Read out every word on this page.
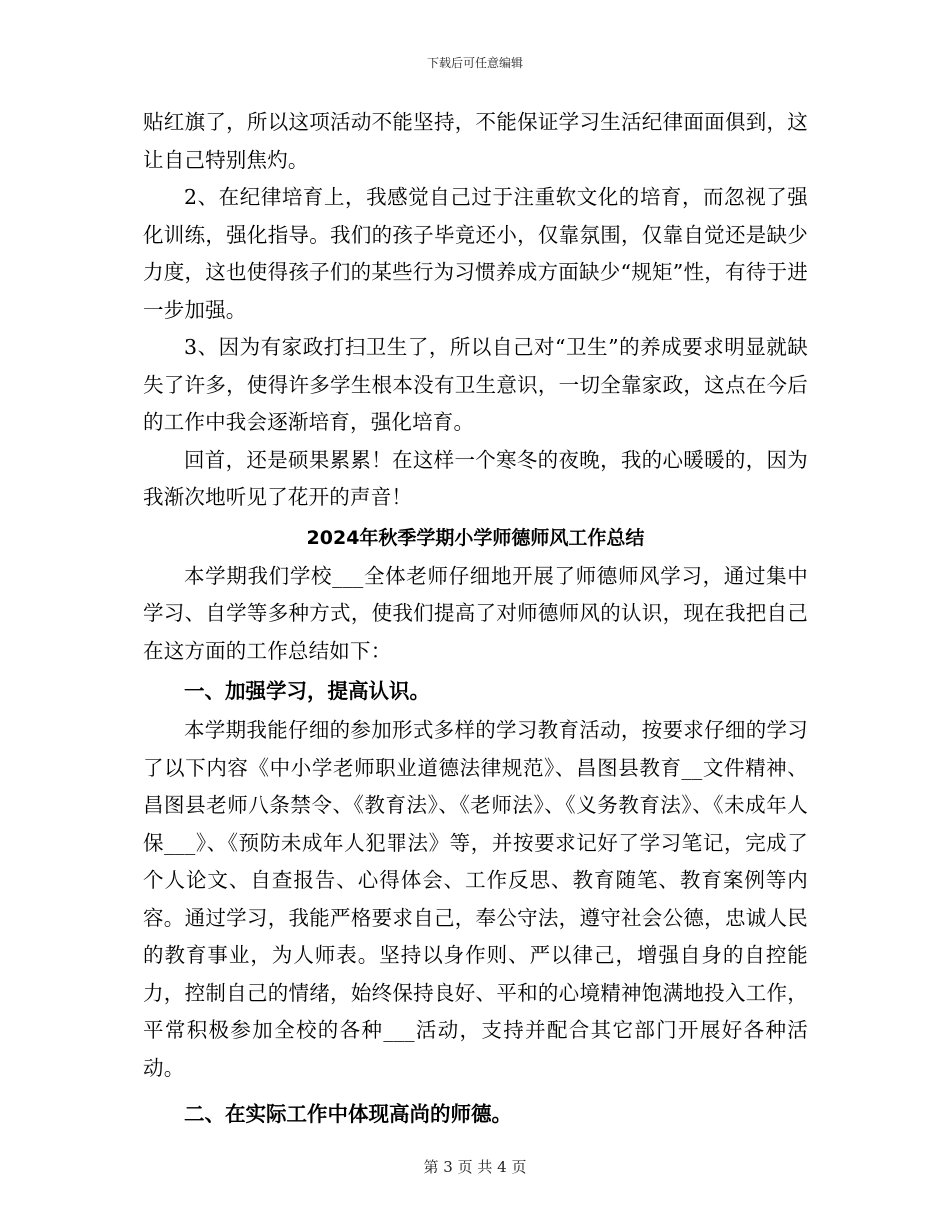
下载后可任意编辑

贴红旗了，所以这项活动不能坚持，不能保证学习生活纪律面面俱到，这让自己特别焦灼。

2、在纪律培育上，我感觉自己过于注重软文化的培育，而忽视了强化训练，强化指导。我们的孩子毕竟还小，仅靠氛围，仅靠自觉还是缺少力度，这也使得孩子们的某些行为习惯养成方面缺少“规矩”性，有待于进一步加强。

3、因为有家政打扫卫生了，所以自己对“卫生”的养成要求明显就缺失了许多，使得许多学生根本没有卫生意识，一切全靠家政，这点在今后的工作中我会逐渐培育，强化培育。

回首，还是硕果累累！在这样一个寒冬的夜晚，我的心暖暖的，因为我渐次地听见了花开的声音！

2024年秋季学期小学师德师风工作总结

本学期我们学校___全体老师仔细地开展了师德师风学习，通过集中学习、自学等多种方式，使我们提高了对师德师风的认识，现在我把自己在这方面的工作总结如下：

一、加强学习，提高认识。

本学期我能仔细的参加形式多样的学习教育活动，按要求仔细的学习了以下内容《中小学老师职业道德法律规范》、昌图县教育__文件精神、昌图县老师八条禁令、《教育法》、《老师法》、《义务教育法》、《未成年人保___》、《预防未成年人犯罪法》等，并按要求记好了学习笔记，完成了个人论文、自查报告、心得体会、工作反思、教育随笔、教育案例等内容。通过学习，我能严格要求自己，奉公守法，遵守社会公德，忠诚人民的教育事业，为人师表。坚持以身作则、严以律己，增强自身的自控能力，控制自己的情绪，始终保持良好、平和的心境精神饱满地投入工作，平常积极参加全校的各种___活动，支持并配合其它部门开展好各种活动。

二、在实际工作中体现高尚的师德。
第 3 页 共 4 页
